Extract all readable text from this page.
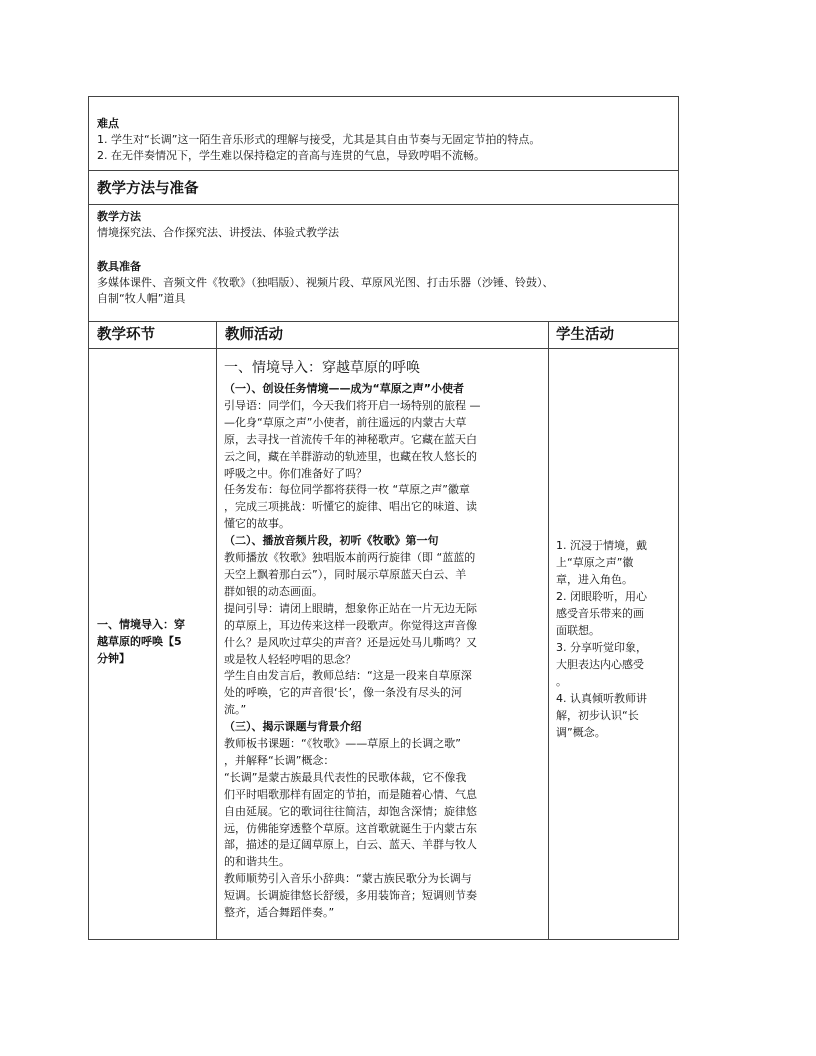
难点
1. 学生对“长调”这一陌生音乐形式的理解与接受，尤其是其自由节奏与无固定节拍的特点。
2. 在无伴奏情况下，学生难以保持稳定的音高与连贯的气息，导致哼唱不流畅。
教学方法与准备
教学方法
情境探究法、合作探究法、讲授法、体验式教学法
教具准备
多媒体课件、音频文件《牧歌》（独唱版）、视频片段、草原风光图、打击乐器（沙锤、铃鼓）、
自制“牧人帽”道具
教学环节	教师活动	学生活动
一、情境导入：穿
越草原的呼唤【5
分钟】
一、情境导入：穿越草原的呼唤
（一）、创设任务情境——成为“草原之声”小使者
引导语：同学们，今天我们将开启一场特别的旅程 —
—化身“草原之声”小使者，前往遥远的内蒙古大草
原，去寻找一首流传千年的神秘歌声。它藏在蓝天白
云之间，藏在羊群游动的轨迹里，也藏在牧人悠长的
呼吸之中。你们准备好了吗？
任务发布：每位同学都将获得一枚 “草原之声”徽章
，完成三项挑战：听懂它的旋律、唱出它的味道、读
懂它的故事。
（二）、播放音频片段，初听《牧歌》第一句
教师播放《牧歌》独唱版本前两行旋律（即 “蓝蓝的
天空上飘着那白云”），同时展示草原蓝天白云、羊
群如银的动态画面。
提问引导：请闭上眼睛，想象你正站在一片无边无际
的草原上，耳边传来这样一段歌声。你觉得这声音像
什么？是风吹过草尖的声音？还是远处马儿嘶鸣？又
或是牧人轻轻哼唱的思念？
学生自由发言后，教师总结：“这是一段来自草原深
处的呼唤，它的声音很‘长’，像一条没有尽头的河
流。”
（三）、揭示课题与背景介绍
教师板书课题：“《牧歌》——草原上的长调之歌”
，并解释“长调”概念：
“长调”是蒙古族最具代表性的民歌体裁，它不像我
们平时唱歌那样有固定的节拍，而是随着心情、气息
自由延展。它的歌词往往简洁，却饱含深情；旋律悠
远，仿佛能穿透整个草原。这首歌就诞生于内蒙古东
部，描述的是辽阔草原上，白云、蓝天、羊群与牧人
的和谐共生。
教师顺势引入音乐小辞典：“蒙古族民歌分为长调与
短调。长调旋律悠长舒缓，多用装饰音；短调则节奏
整齐，适合舞蹈伴奏。”
1. 沉浸于情境，戴
上“草原之声”徽
章，进入角色。
2. 闭眼聆听，用心
感受音乐带来的画
面联想。
3. 分享听觉印象，
大胆表达内心感受
。
4. 认真倾听教师讲
解，初步认识“长
调”概念。
